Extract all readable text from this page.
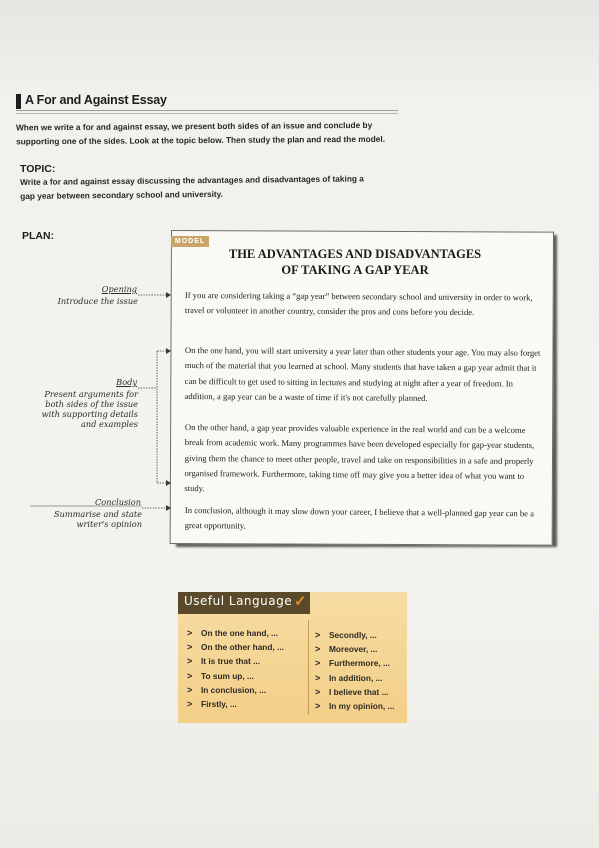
A For and Against Essay
When we write a for and against essay, we present both sides of an issue and conclude by supporting one of the sides. Look at the topic below. Then study the plan and read the model.
TOPIC:
Write a for and against essay discussing the advantages and disadvantages of taking a gap year between secondary school and university.
PLAN:	MODEL
THE ADVANTAGES AND DISADVANTAGES
OF TAKING A GAP YEAR
If you are considering taking a “gap year” between secondary school and university in order to work, travel or volunteer in another country, consider the pros and cons before you decide.
On the one hand, you will start university a year later than other students your age. You may also forget much of the material that you learned at school. Many students that have taken a gap year admit that it can be difficult to get used to sitting in lectures and studying at night after a year of freedom. In addition, a gap year can be a waste of time if it's not carefully planned.
On the other hand, a gap year provides valuable experience in the real world and can be a welcome break from academic work. Many programmes have been developed especially for gap-year students, giving them the chance to meet other people, travel and take on responsibilities in a safe and properly organised framework. Furthermore, taking time off may give you a better idea of what you want to study.
In conclusion, although it may slow down your career, I believe that a well-planned gap year can be a great opportunity.
Opening
Introduce the issue
Body
Present arguments for both sides of the issue with supporting details and examples
Conclusion
Summarise and state writer's opinion
Useful Language ✓
>	On the one hand, ...
>	On the other hand, ...
>	It is true that ...
>	To sum up, ...
>	In conclusion, ...
>	Firstly, ...
>	Secondly, ...
>	Moreover, ...
>	Furthermore, ...
>	In addition, ...
>	I believe that ...
>	In my opinion, ...
